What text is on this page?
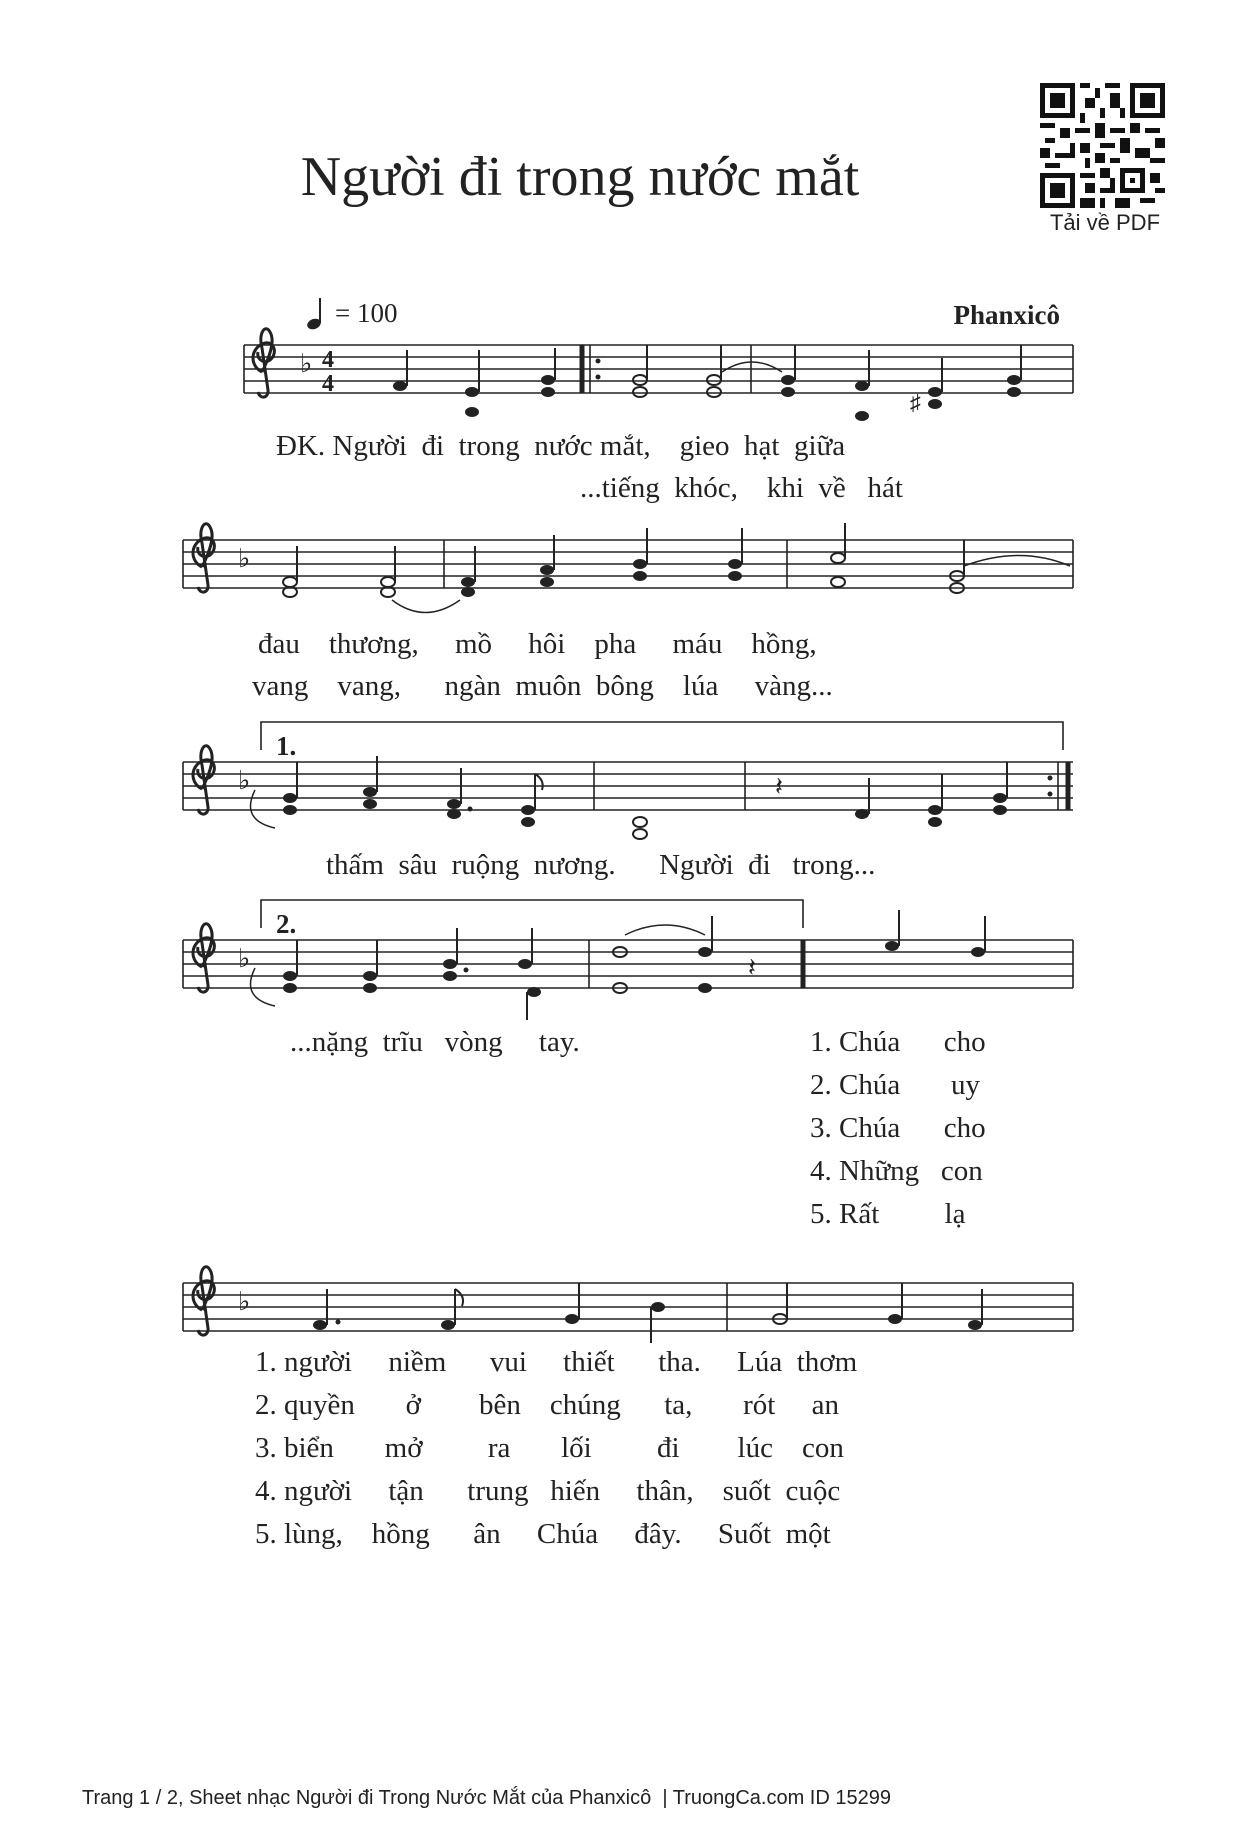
Người đi trong nước mắt
Tải về PDF
= 100	Phanxicô
♭ 4
4
♯
♭
1.
♭	𝄽
2.
♭	𝄽
♭
ĐK. Người  đi  trong  nước mắt,    gieo  hạt  giữa
...tiếng  khóc,    khi  về   hát
đau    thương,     mồ     hôi    pha     máu    hồng,
vang    vang,      ngàn  muôn  bông    lúa     vàng...
thấm  sâu  ruộng  nương.      Người  đi   trong...
...nặng  trĩu   vòng     tay.	1. Chúa      cho
2. Chúa       uy
3. Chúa      cho
4. Những   con
5. Rất         lạ
1. người     niềm      vui     thiết      tha.     Lúa  thơm
2. quyền       ở        bên    chúng      ta,       rót     an
3. biển       mở         ra       lối         đi        lúc    con
4. người     tận      trung   hiến     thân,    suốt  cuộc
5. lùng,    hồng      ân     Chúa     đây.     Suốt  một
Trang 1 / 2, Sheet nhạc Người đi Trong Nước Mắt của Phanxicô  | TruongCa.com ID 15299
